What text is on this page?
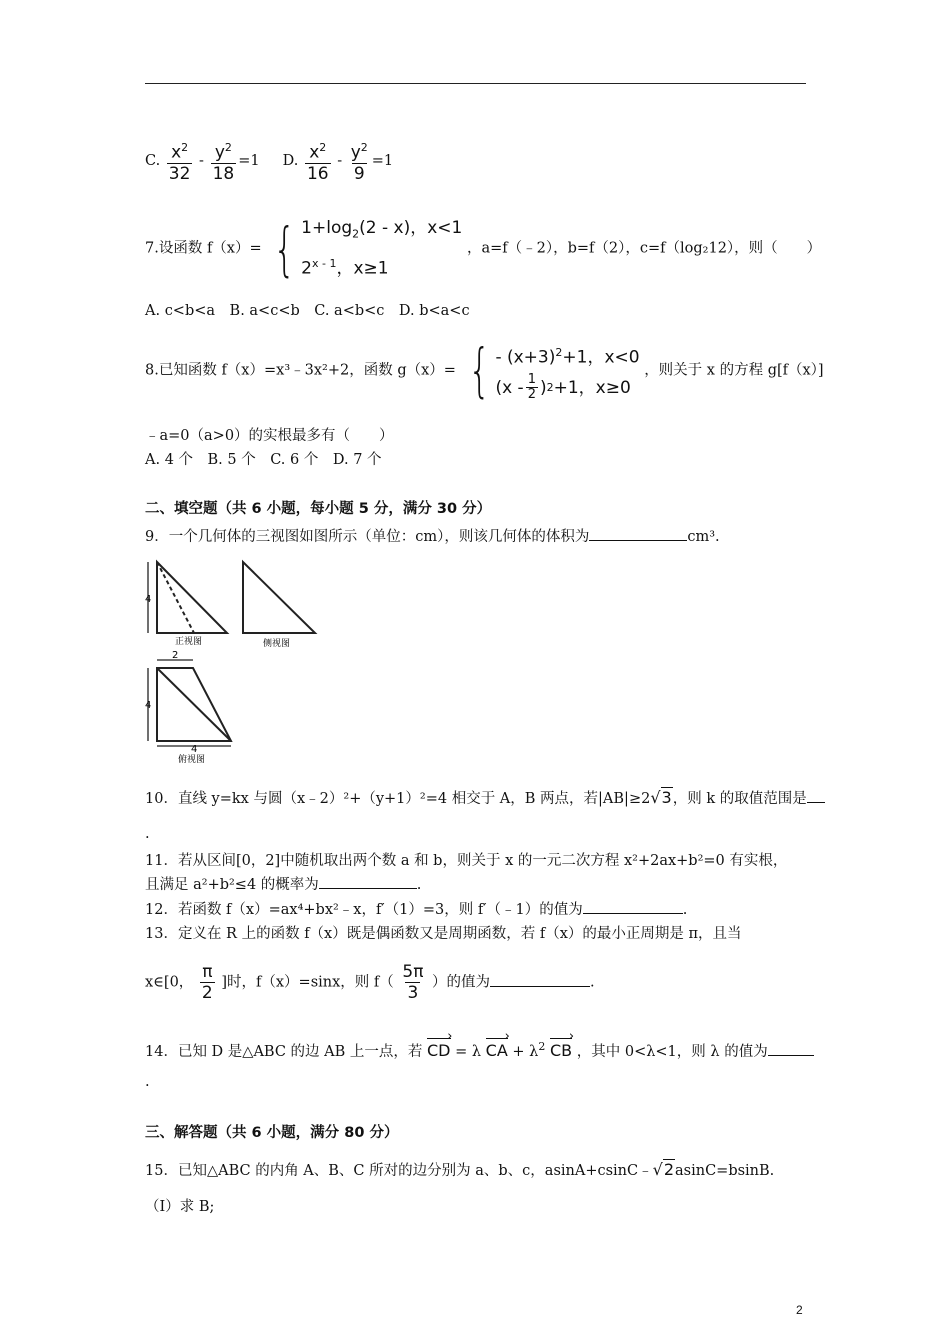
C. $\frac{x^2}{32} - \frac{y^2}{18} =1$ D. $\frac{x^2}{16} - \frac{y^2}{9} =1$
7.设函数 f（x）= { $1+\log_2(2 - x)$，x<1
2$^{x - 1}$，x≥1
，a=f（﹣2），b=f（2），c=f（log₂12），则（　　）
A. c<b<a　B. a<c<b　C. a<b<c　D. b<a<c
8.已知函数 f（x）=x³﹣3x²+2，函数 g（x）= { - $(x+3)^2+1$，x<0
($x - \frac{1}{2}$ ) 2 +1，x≥0
，则关于 x 的方程 g[f（x）]
﹣a=0（a>0）的实根最多有（　　）
A. 4 个　B. 5 个　C. 6 个　D. 7 个
二、填空题（共 6 小题，每小题 5 分，满分 30 分）
9．一个几何体的三视图如图所示（单位：cm），则该几何体的体积为	cm³.
4
正视图	侧视图
2
4
4
俯视图
10．直线 y=kx 与圆（x﹣2）²+（y+1）²=4 相交于 A，B 两点，若|AB|≥2√3，则 k 的取值范围是
.
11．若从区间[0，2]中随机取出两个数 a 和 b，则关于 x 的一元二次方程 x²+2ax+b²=0 有实根，
且满足 a²+b²≤4 的概率为	.
12．若函数 f（x）=ax⁴+bx²﹣x，f′（1）=3，则 f′（﹣1）的值为	.
13．定义在 R 上的函数 f（x）既是偶函数又是周期函数，若 f（x）的最小正周期是 π，且当
x∈[0， $\frac{\pi}{2}$ ]时，f（x）=sinx，则 $f( \frac{5\pi}{3}$ ）的值为	.
14．已知 D 是△ABC 的边 AB 上一点，若 CD › = λ CA › + $\lambda^2$ CB › ，其中 0<λ<1，则 λ 的值为
.
三、解答题（共 6 小题，满分 80 分）
15．已知△ABC 的内角 A、B、C 所对的边分别为 a、b、c，asinA+csinC﹣√2asinC=bsinB.
（Ⅰ）求 B;
2
